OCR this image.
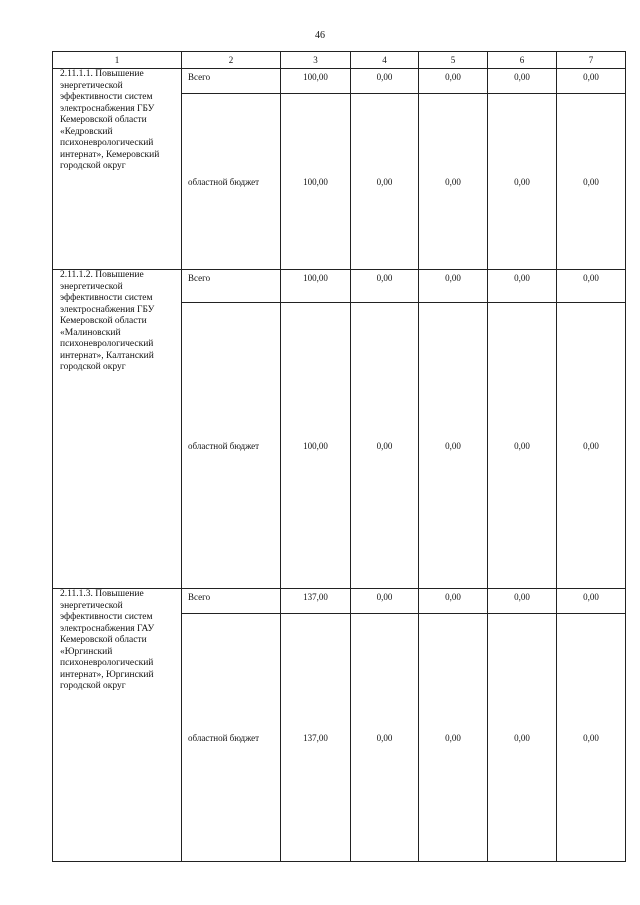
46
1	2	3	4	5	6	7
2.11.1.1. Повышение энергетической эффективности систем электроснабжения ГБУ Кемеровской области «Кедровский психоневрологический интернат», Кемеровский городской округ	Всего	100,00	0,00	0,00	0,00	0,00
	областной бюджет	100,00	0,00	0,00	0,00	0,00
2.11.1.2. Повышение энергетической эффективности систем электроснабжения ГБУ Кемеровской области «Малиновский психоневрологический интернат», Калтанский городской округ	Всего	100,00	0,00	0,00	0,00	0,00
	областной бюджет	100,00	0,00	0,00	0,00	0,00
2.11.1.3. Повышение энергетической эффективности систем электроснабжения ГАУ Кемеровской области «Юргинский психоневрологический интернат», Юргинский городской округ	Всего	137,00	0,00	0,00	0,00	0,00
	областной бюджет	137,00	0,00	0,00	0,00	0,00
